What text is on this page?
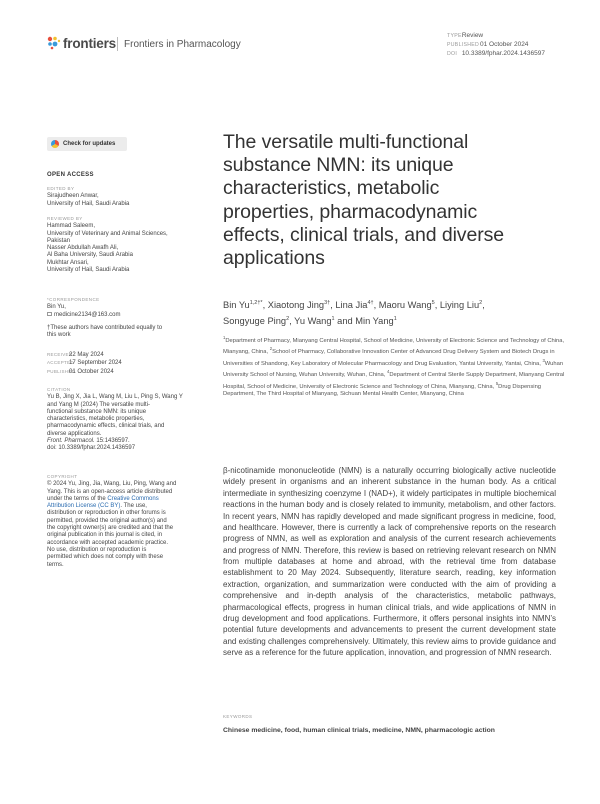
frontiers Frontiers in Pharmacology
TYPE Review
PUBLISHED01 October 2024
DOI 10.3389/fphar.2024.1436597
Check for updates
OPEN ACCESS
EDITED BY
Sirajudheen Anwar,
University of Hail, Saudi Arabia
REVIEWED BY
Hammad Saleem,
University of Veterinary and Animal Sciences,
Pakistan
Nasser Abdullah Awafh Ali,
Al Baha University, Saudi Arabia
Mukhtar Ansari,
University of Hail, Saudi Arabia
*CORRESPONDENCE
Bin Yu,
medicine2134@163.com
†These authors have contributed equally to
this work
RECEIVED22 May 2024
ACCEPTED17 September 2024
PUBLISHED01 October 2024
CITATION
Yu B, Jing X, Jia L, Wang M, Liu L, Ping S, Wang Y
and Yang M (2024) The versatile multi-
functional substance NMN: its unique
characteristics, metabolic properties,
pharmacodynamic effects, clinical trials, and
diverse applications.
Front. Pharmacol. 15:1436597.
doi: 10.3389/fphar.2024.1436597
COPYRIGHT
© 2024 Yu, Jing, Jia, Wang, Liu, Ping, Wang and
Yang. This is an open-access article distributed
under the terms of the Creative Commons
Attribution License (CC BY). The use,
distribution or reproduction in other forums is
permitted, provided the original author(s) and
the copyright owner(s) are credited and that the
original publication in this journal is cited, in
accordance with accepted academic practice.
No use, distribution or reproduction is
permitted which does not comply with these
terms.
The versatile multi-functional
substance NMN: its unique
characteristics, metabolic
properties, pharmacodynamic
effects, clinical trials, and diverse
applications
Bin $Yu^{1,2\dagger*}$, Xiaotong Jing$^{3\dagger}$, Lina Jia$^{4\dagger}$, Maoru Wang$^5$, Liying Liu$^2$,
Songyuge Ping$^2$, Yu Wang$^1$ and Min Yang$^1$
$^1$Department of Pharmacy, Mianyang Central Hospital, School of Medicine, University of Electronic Science and Technology of China, Mianyang, China, $^2$School of Pharmacy, Collaborative Innovation Center of Advanced Drug Delivery System and Biotech Drugs in Universities of Shandong, Key Laboratory of Molecular Pharmacology and Drug Evaluation, Yantai University, Yantai, China, $^3$Wuhan University School of Nursing, Wuhan University, Wuhan, China, $^4$Department of Central Sterile Supply Department, Mianyang Central Hospital, School of Medicine, University of Electronic Science and Technology of China, Mianyang, China, $^5$Drug Dispensing Department, The Third Hospital of Mianyang, Sichuan Mental Health Center, Mianyang, China
β-nicotinamide mononucleotide (NMN) is a naturally occurring biologically active nucleotide widely present in organisms and an inherent substance in the human body. As a critical intermediate in synthesizing coenzyme I (NAD+), it widely participates in multiple biochemical reactions in the human body and is closely related to immunity, metabolism, and other factors. In recent years, NMN has rapidly developed and made significant progress in medicine, food, and healthcare. However, there is currently a lack of comprehensive reports on the research progress of NMN, as well as exploration and analysis of the current research achievements and progress of NMN. Therefore, this review is based on retrieving relevant research on NMN from multiple databases at home and abroad, with the retrieval time from database establishment to 20 May 2024. Subsequently, literature search, reading, key information extraction, organization, and summarization were conducted with the aim of providing a comprehensive and in-depth analysis of the characteristics, metabolic pathways, pharmacological effects, progress in human clinical trials, and wide applications of NMN in drug development and food applications. Furthermore, it offers personal insights into NMN’s potential future developments and advancements to present the current development state and existing challenges comprehensively. Ultimately, this review aims to provide guidance and serve as a reference for the future application, innovation, and progression of NMN research.
KEYWORDS
Chinese medicine, food, human clinical trials, medicine, NMN, pharmacologic action
